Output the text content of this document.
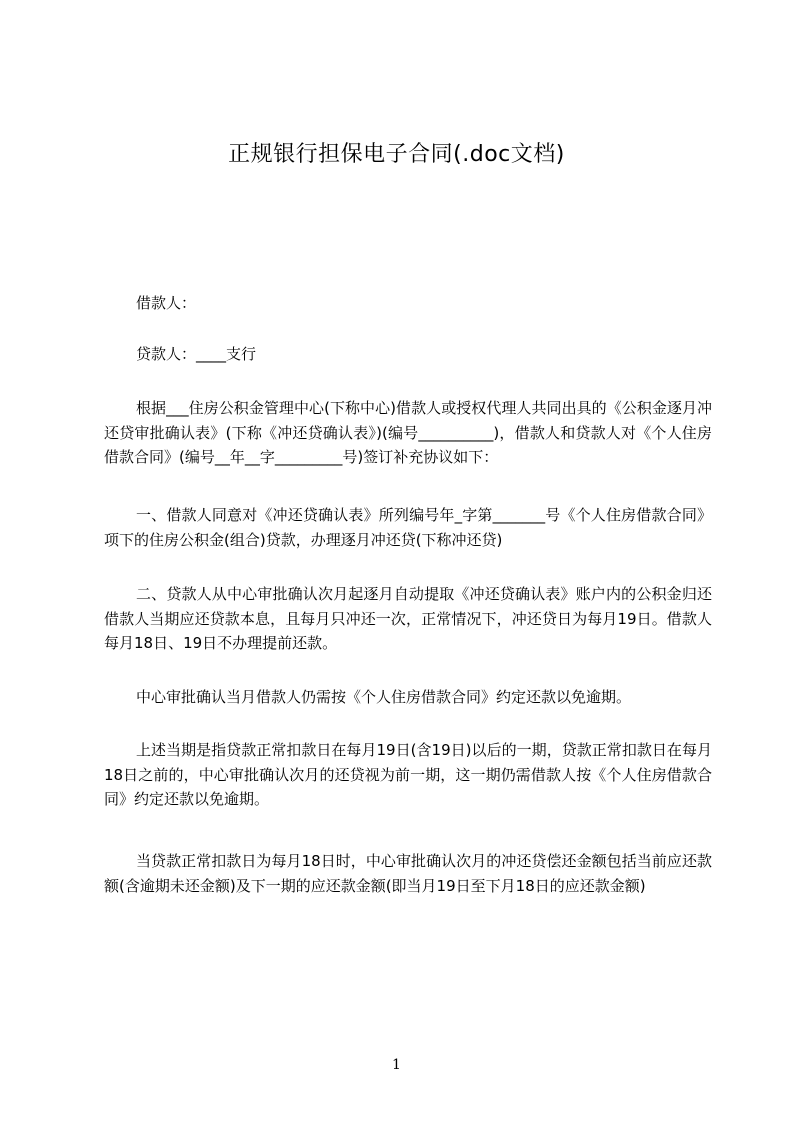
正规银行担保电子合同(.doc文档)

借款人：

贷款人：____支行

根据___住房公积金管理中心(下称中心)借款人或授权代理人共同出具的《公积金逐月冲还贷审批确认表》(下称《冲还贷确认表》)(编号__________)，借款人和贷款人对《个人住房借款合同》(编号__年__字_________号)签订补充协议如下：

一、借款人同意对《冲还贷确认表》所列编号年_字第_______号《个人住房借款合同》项下的住房公积金(组合)贷款，办理逐月冲还贷(下称冲还贷)

二、贷款人从中心审批确认次月起逐月自动提取《冲还贷确认表》账户内的公积金归还借款人当期应还贷款本息，且每月只冲还一次，正常情况下，冲还贷日为每月19日。借款人每月18日、19日不办理提前还款。

中心审批确认当月借款人仍需按《个人住房借款合同》约定还款以免逾期。

上述当期是指贷款正常扣款日在每月19日(含19日)以后的一期，贷款正常扣款日在每月18日之前的，中心审批确认次月的还贷视为前一期，这一期仍需借款人按《个人住房借款合同》约定还款以免逾期。

当贷款正常扣款日为每月18日时，中心审批确认次月的冲还贷偿还金额包括当前应还款额(含逾期未还金额)及下一期的应还款金额(即当月19日至下月18日的应还款金额)

1
